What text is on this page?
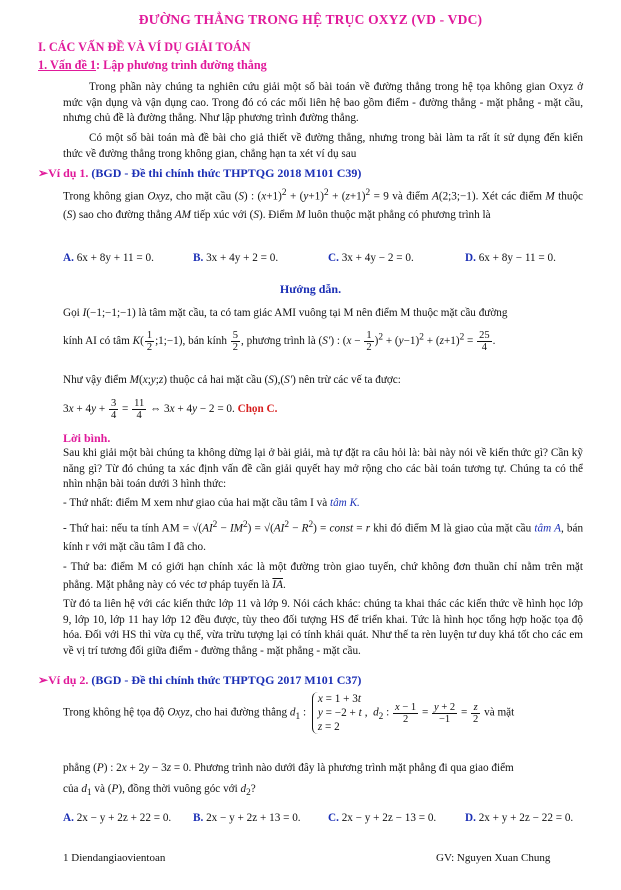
ĐƯỜNG THẲNG TRONG HỆ TRỤC OXYZ (VD - VDC)
I. CÁC VẤN ĐỀ VÀ VÍ DỤ GIẢI TOÁN
1. Vấn đề 1: Lập phương trình đường thẳng
Trong phần này chúng ta nghiên cứu giải một số bài toán về đường thẳng trong hệ tọa không gian Oxyz ở mức vận dụng và vận dụng cao. Trong đó có các mối liên hệ bao gồm điểm - đường thẳng - mặt phẳng - mặt cầu, nhưng chủ đề là đường thẳng. Như lập phương trình đường thẳng.
Có một số bài toán mà đề bài cho giả thiết về đường thẳng, nhưng trong bài làm ta rất ít sử dụng đến kiến thức về đường thẳng trong không gian, chẳng hạn ta xét ví dụ sau
➢Ví dụ 1. (BGD - Đề thi chính thức THPTQG 2018 M101 C39)
Trong không gian Oxyz, cho mặt cầu (S) : $(x+1)^2 + (y+1)^2 + (z+1)^2 = 9$ và điểm A(2;3;−1). Xét các điểm M thuộc (S) sao cho đường thẳng AM tiếp xúc với (S). Điểm M luôn thuộc mặt phẳng có phương trình là
A. 6x + 8y + 11 = 0.	B. 3x + 4y + 2 = 0.	C. 3x + 4y − 2 = 0.	D. 6x + 8y − 11 = 0.
Hướng dẫn.
Gọi I(−1;−1;−1) là tâm mặt cầu, ta có tam giác AMI vuông tại M nên điểm M thuộc mặt cầu đường
kính AI có tâm $K( \frac{1}{2}$ ;1;−1), bán kính $\frac{5}{2}$ , phương trình là (S′) : $(x - \frac{1}{2} )^2 + (y-1)^2 + (z+1)^2 = \frac{25}{4}$ .
Như vậy điểm M(x;y;z) thuộc cả hai mặt cầu (S),(S′) nên trừ các vế ta được:
$3x + 4y + \frac{3}{4} = \frac{11}{4}$ ⇔ 3x + 4y − 2 = 0. Chọn C.
Lời bình.
Sau khi giải một bài chúng ta không dừng lại ở bài giải, mà tự đặt ra câu hỏi là: bài này nói về kiến thức gì? Cần kỹ năng gì? Từ đó chúng ta xác định vấn đề cần giải quyết hay mở rộng cho các bài toán tương tự. Chúng ta có thể nhìn nhận bài toán dưới 3 hình thức:
- Thứ nhất: điểm M xem như giao của hai mặt cầu tâm I và tâm K.
- Thứ hai: nếu ta tính AM = $√(AI^2 - IM^2) = √(AI^2 - R^2)$ = const = r khi đó điểm M là giao của mặt cầu tâm A, bán kính r với mặt cầu tâm I đã cho.
- Thứ ba: điểm M có giới hạn chính xác là một đường tròn giao tuyến, chứ không đơn thuần chỉ nằm trên mặt phẳng. Mặt phẳng này có véc tơ pháp tuyến là $\overline{IA}$.
Từ đó ta liên hệ với các kiến thức lớp 11 và lớp 9. Nói cách khác: chúng ta khai thác các kiến thức về hình học lớp 9, lớp 10, lớp 11 hay lớp 12 đều được, tùy theo đối tượng HS để triển khai. Tức là hình học tổng hợp hoặc tọa độ hóa. Đối với HS thì vừa cụ thể, vừa trừu tượng lại có tính khái quát. Như thế ta rèn luyện tư duy khá tốt cho các em về vị trí tương đối giữa điểm - đường thẳng - mặt phẳng - mặt cầu.
➢Ví dụ 2. (BGD - Đề thi chính thức THPTQG 2017 M101 C37)
Trong không hệ tọa độ Oxyz, cho hai đường thẳng $d_1$ : x = 1 + 3t
y = −2 + t
z = 2,  $d_2$ : $\frac{x - 1}{2} = \frac{y + 2}{-1} = \frac{z}{2}$ và mặt
phẳng (P) : 2x + 2y − 3z = 0. Phương trình nào dưới đây là phương trình mặt phẳng đi qua giao điểm
của $d_1$ và (P), đồng thời vuông góc với $d_2$?
A. 2x − y + 2z + 22 = 0. B. 2x − y + 2z + 13 = 0. C. 2x − y + 2z − 13 = 0.	D. 2x + y + 2z − 22 = 0.
1 Diendangiaovientoan	GV: Nguyen Xuan Chung
